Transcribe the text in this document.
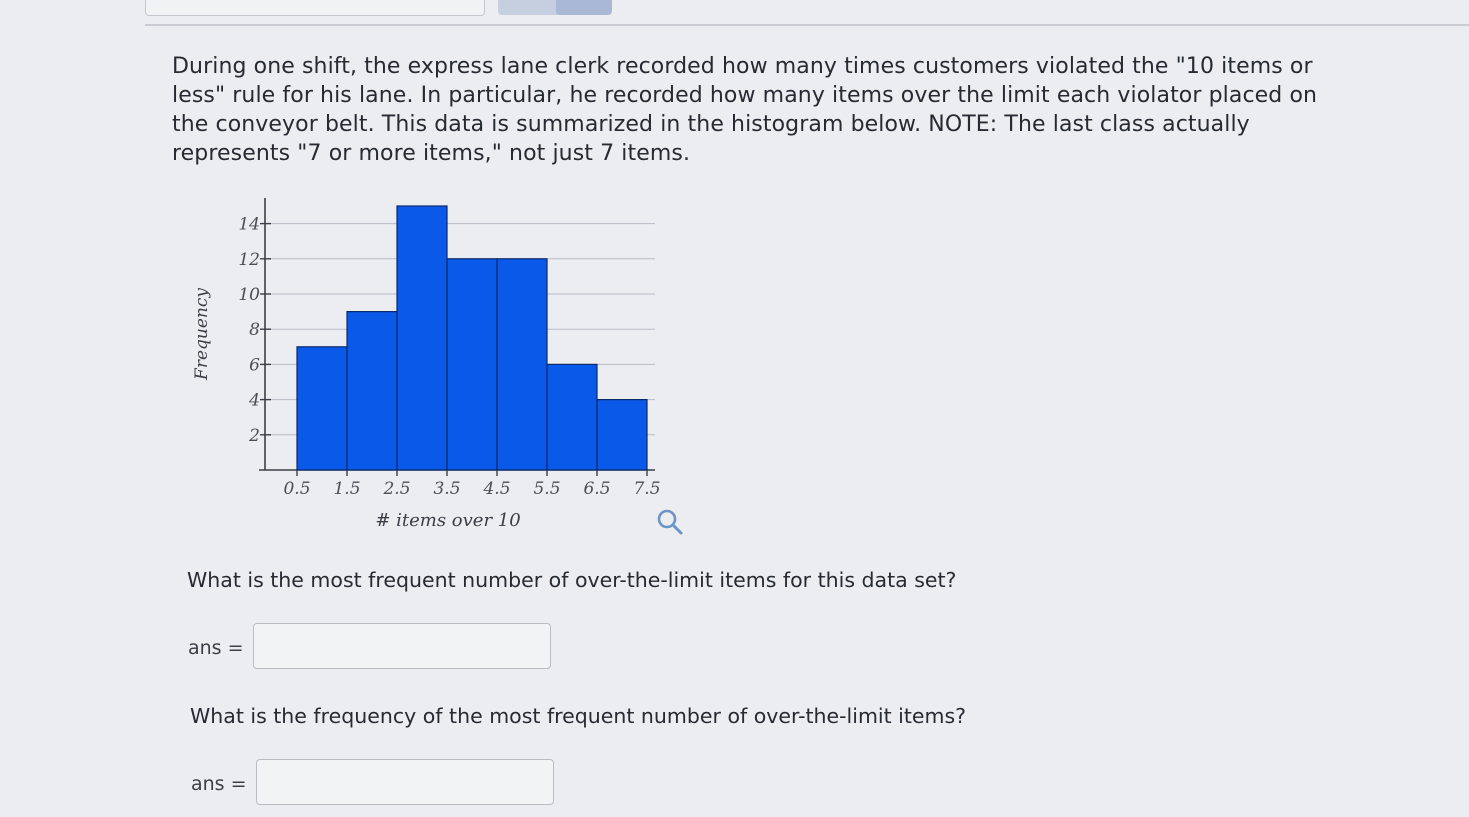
During one shift, the express lane clerk recorded how many times customers violated the "10 items or less" rule for his lane. In particular, he recorded how many items over the limit each violator placed on the conveyor belt. This data is summarized in the histogram below. NOTE: The last class actually represents "7 or more items," not just 7 items.
2
4
6
8
10
12
14
0.5 1.5 2.5 3.5 4.5 5.5 6.5 7.5
# items over 10
Frequency
What is the most frequent number of over-the-limit items for this data set?
ans =
What is the frequency of the most frequent number of over-the-limit items?
ans =
